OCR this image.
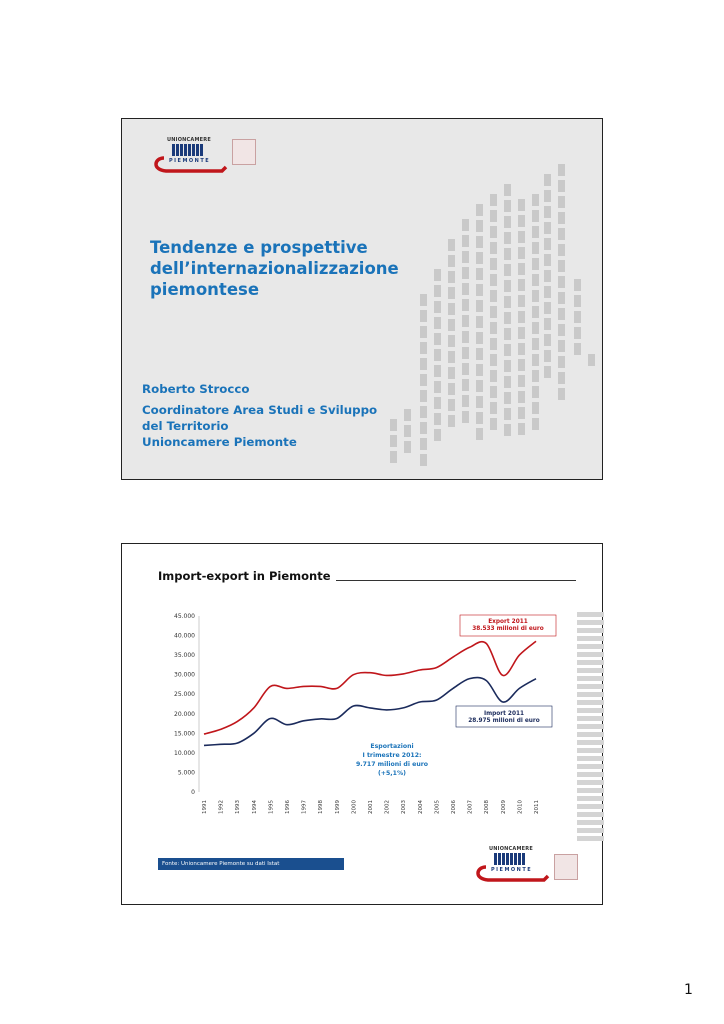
UNIONCAMERE
PIEMONTE
Tendenze e prospettive
dell’internazionalizzazione
piemontese
Roberto Strocco
Coordinatore Area Studi e Sviluppo
del Territorio
Unioncamere Piemonte
Import-export in Piemonte
0
5.000
10.000
15.000
20.000
25.000
30.000
35.000
40.000
45.000
1991 1992 1993 1994 1995 1996 1997 1998 1999 2000 2001 2002 2003 2004 2005 2006 2007 2008 2009 2010 2011
Export 2011
38.533 milioni di euro
Import 2011
28.975 milioni di euro
Esportazioni
I trimestre 2012:
9.717 milioni di euro
(+5,1%)
Fonte: Unioncamere Piemonte su dati Istat
UNIONCAMERE
PIEMONTE
1
